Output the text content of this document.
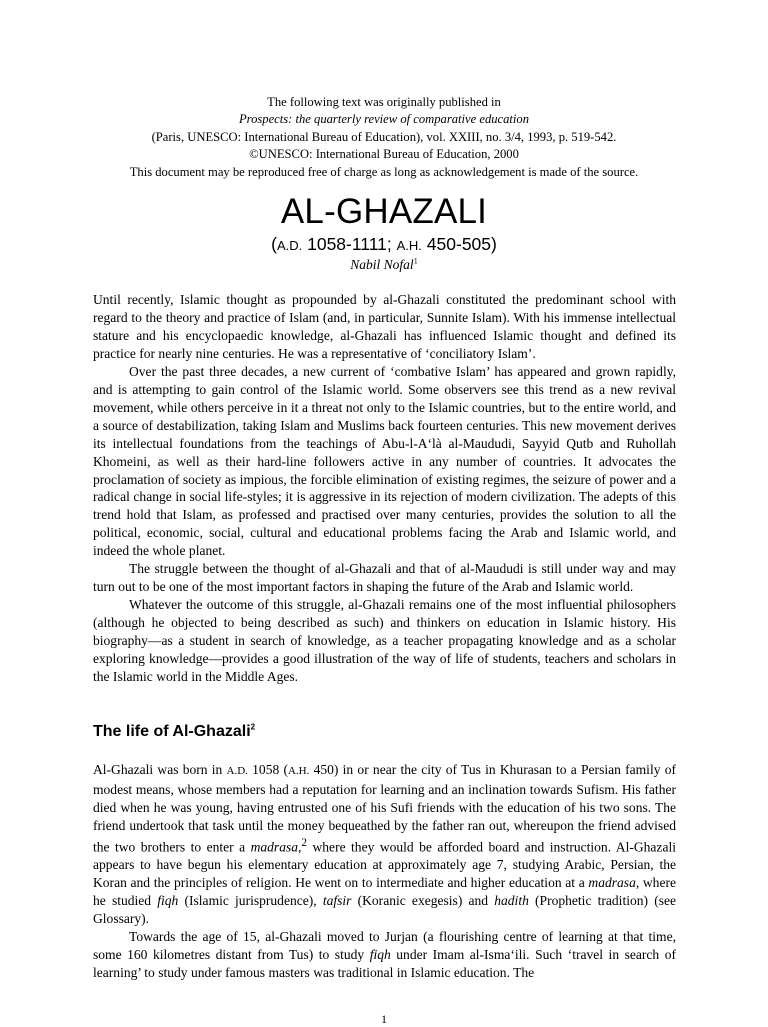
The following text was originally published in
Prospects: the quarterly review of comparative education
(Paris, UNESCO: International Bureau of Education), vol. XXIII, no. 3/4, 1993, p. 519-542.
©UNESCO: International Bureau of Education, 2000
This document may be reproduced free of charge as long as acknowledgement is made of the source.
AL-GHAZALI
(A.D. 1058-1111; A.H. 450-505)
Nabil Nofal$^1$

Until recently, Islamic thought as propounded by al-Ghazali constituted the predominant school with regard to the theory and practice of Islam (and, in particular, Sunnite Islam). With his immense intellectual stature and his encyclopaedic knowledge, al-Ghazali has influenced Islamic thought and defined its practice for nearly nine centuries. He was a representative of ‘conciliatory Islam’.

Over the past three decades, a new current of ‘combative Islam’ has appeared and grown rapidly, and is attempting to gain control of the Islamic world. Some observers see this trend as a new revival movement, while others perceive in it a threat not only to the Islamic countries, but to the entire world, and a source of destabilization, taking Islam and Muslims back fourteen centuries. This new movement derives its intellectual foundations from the teachings of Abu-l-A‘là al-Maududi, Sayyid Qutb and Ruhollah Khomeini, as well as their hard-line followers active in any number of countries. It advocates the proclamation of society as impious, the forcible elimination of existing regimes, the seizure of power and a radical change in social life-styles; it is aggressive in its rejection of modern civilization. The adepts of this trend hold that Islam, as professed and practised over many centuries, provides the solution to all the political, economic, social, cultural and educational problems facing the Arab and Islamic world, and indeed the whole planet.

The struggle between the thought of al-Ghazali and that of al-Maududi is still under way and may turn out to be one of the most important factors in shaping the future of the Arab and Islamic world.

Whatever the outcome of this struggle, al-Ghazali remains one of the most influential philosophers (although he objected to being described as such) and thinkers on education in Islamic history. His biography—as a student in search of knowledge, as a teacher propagating knowledge and as a scholar exploring knowledge—provides a good illustration of the way of life of students, teachers and scholars in the Islamic world in the Middle Ages.

The life of Al-Ghazali$^2$

Al-Ghazali was born in A.D. 1058 (A.H. 450) in or near the city of Tus in Khurasan to a Persian family of modest means, whose members had a reputation for learning and an inclination towards Sufism. His father died when he was young, having entrusted one of his Sufi friends with the education of his two sons. The friend undertook that task until the money bequeathed by the father ran out, whereupon the friend advised the two brothers to enter a madrasa,$^2$ where they would be afforded board and instruction. Al-Ghazali appears to have begun his elementary education at approximately age 7, studying Arabic, Persian, the Koran and the principles of religion. He went on to intermediate and higher education at a madrasa, where he studied fiqh (Islamic jurisprudence), tafsir (Koranic exegesis) and hadith (Prophetic tradition) (see Glossary).

Towards the age of 15, al-Ghazali moved to Jurjan (a flourishing centre of learning at that time, some 160 kilometres distant from Tus) to study fiqh under Imam al-Isma‘ili. Such ‘travel in search of learning’ to study under famous masters was traditional in Islamic education. The

1
